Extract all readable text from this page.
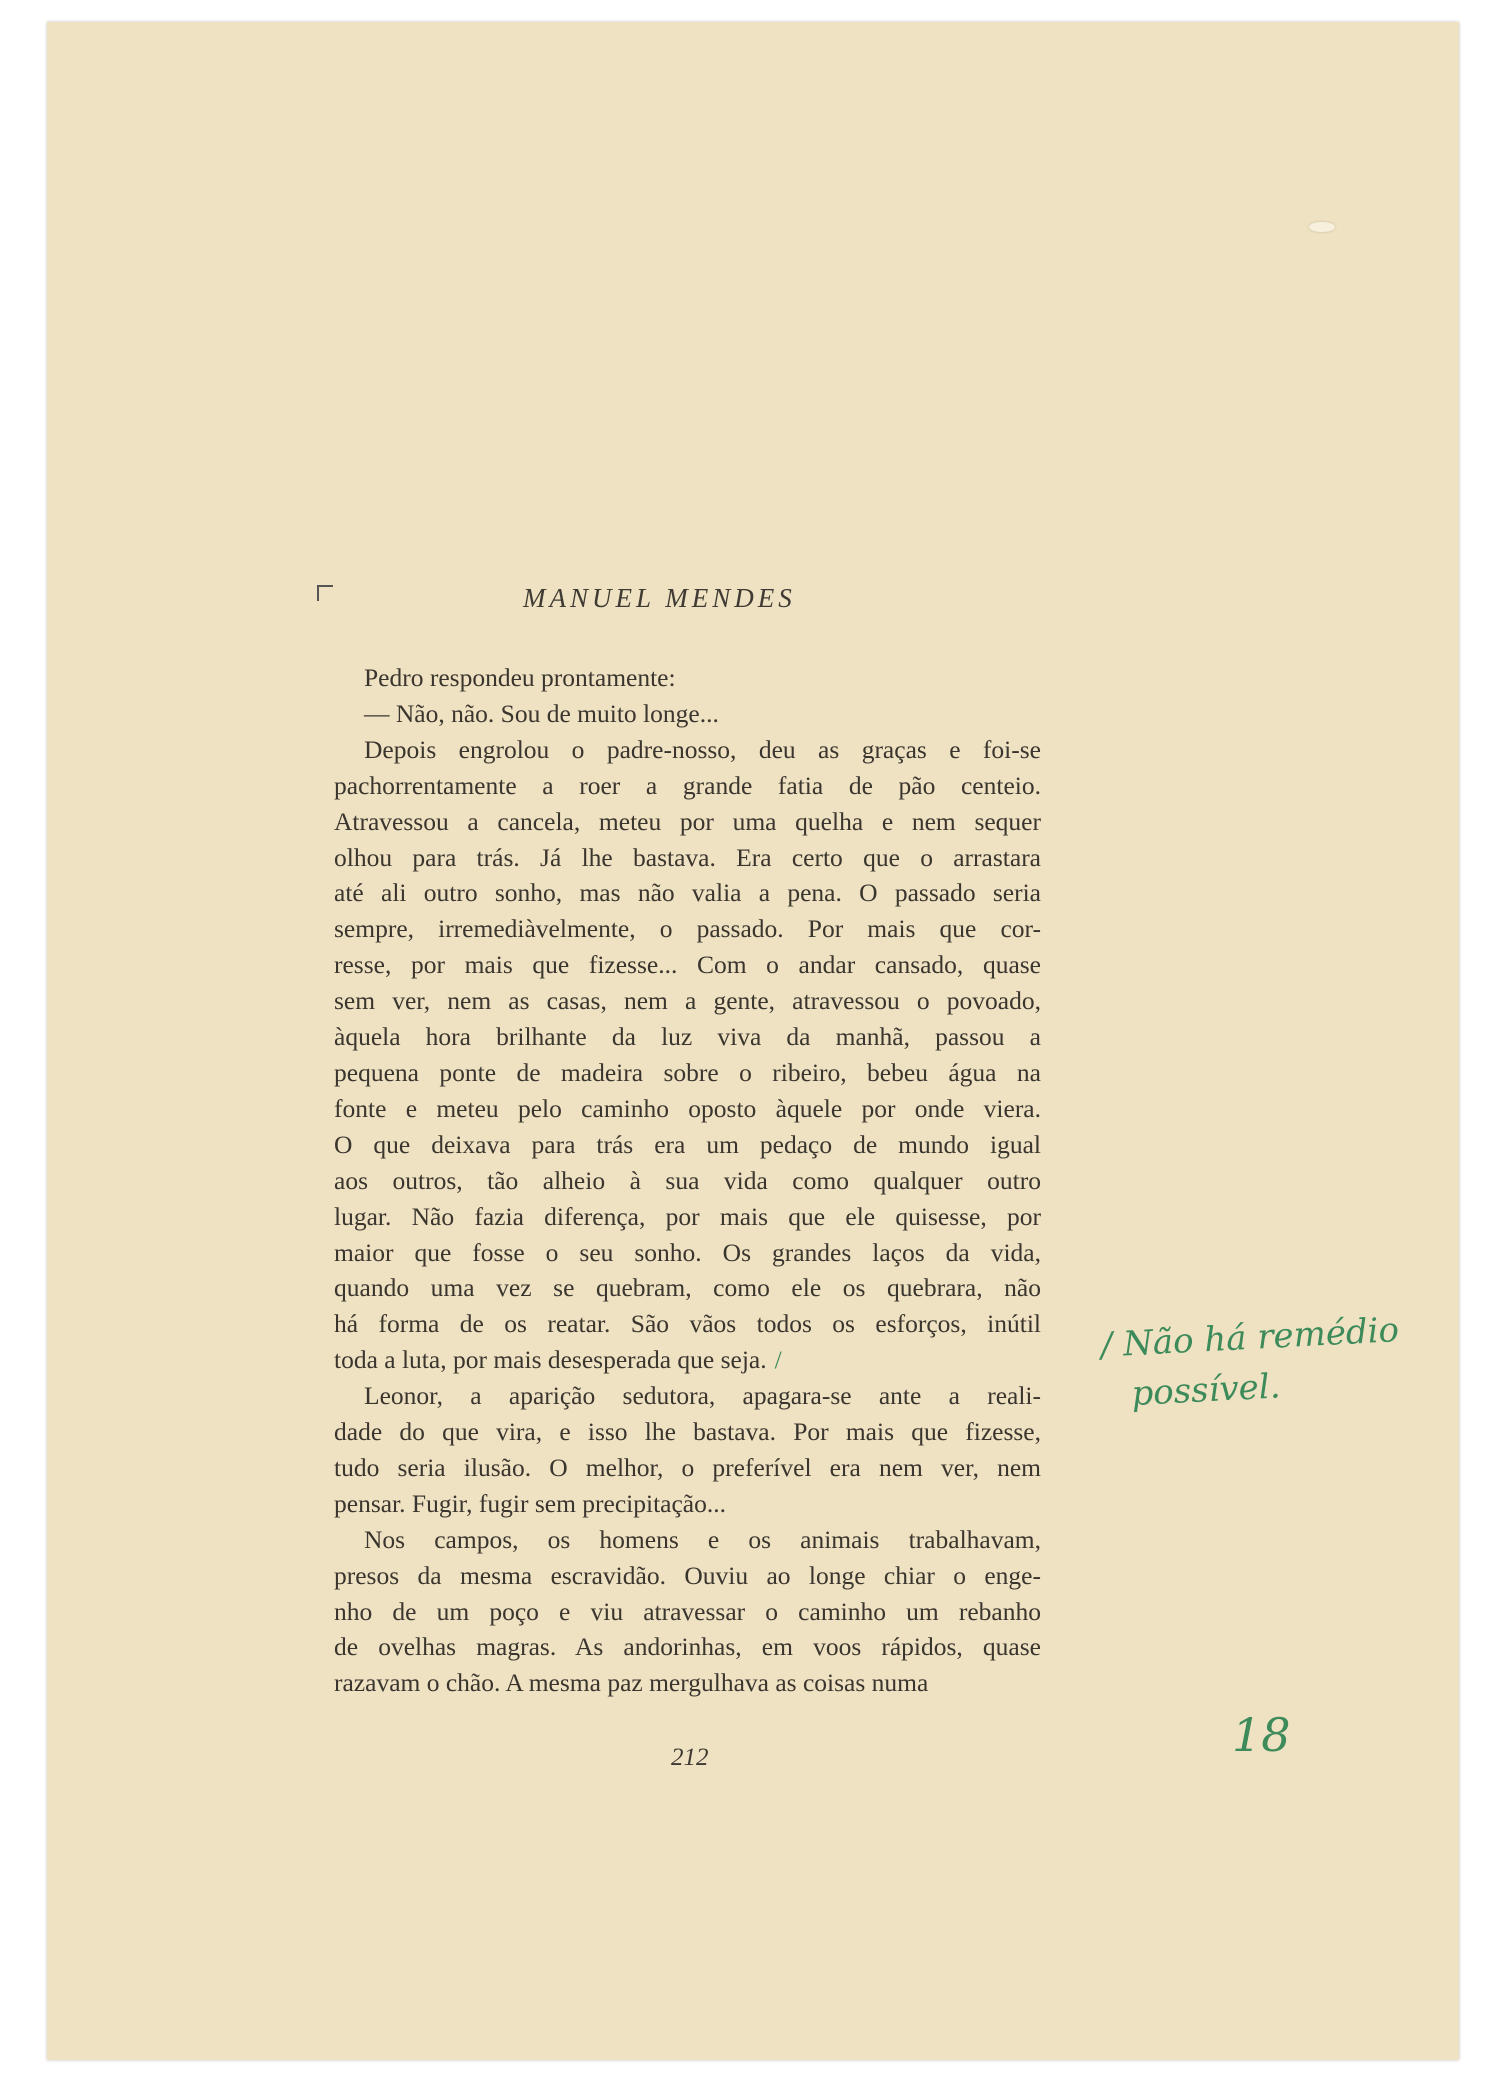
MANUEL MENDES

Pedro respondeu prontamente:

— Não, não. Sou de muito longe...

Depois engrolou o padre-nosso, deu as graças e foi-se
pachorrentamente a roer a grande fatia de pão centeio.
Atravessou a cancela, meteu por uma quelha e nem sequer
olhou para trás. Já lhe bastava. Era certo que o arrastara
até ali outro sonho, mas não valia a pena. O passado seria
sempre, irremediàvelmente, o passado. Por mais que cor-
resse, por mais que fizesse... Com o andar cansado, quase
sem ver, nem as casas, nem a gente, atravessou o povoado,
àquela hora brilhante da luz viva da manhã, passou a
pequena ponte de madeira sobre o ribeiro, bebeu água na
fonte e meteu pelo caminho oposto àquele por onde viera.
O que deixava para trás era um pedaço de mundo igual
aos outros, tão alheio à sua vida como qualquer outro
lugar. Não fazia diferença, por mais que ele quisesse, por
maior que fosse o seu sonho. Os grandes laços da vida,
quando uma vez se quebram, como ele os quebrara, não
há forma de os reatar. São vãos todos os esforços, inútil
toda a luta, por mais desesperada que seja. /

Leonor, a aparição sedutora, apagara-se ante a reali-
dade do que vira, e isso lhe bastava. Por mais que fizesse,
tudo seria ilusão. O melhor, o preferível era nem ver, nem
pensar. Fugir, fugir sem precipitação...

Nos campos, os homens e os animais trabalhavam,
presos da mesma escravidão. Ouviu ao longe chiar o enge-
nho de um poço e viu atravessar o caminho um rebanho
de ovelhas magras. As andorinhas, em voos rápidos, quase
razavam o chão. A mesma paz mergulhava as coisas numa

212
/ Não há remédio
possível.
18
